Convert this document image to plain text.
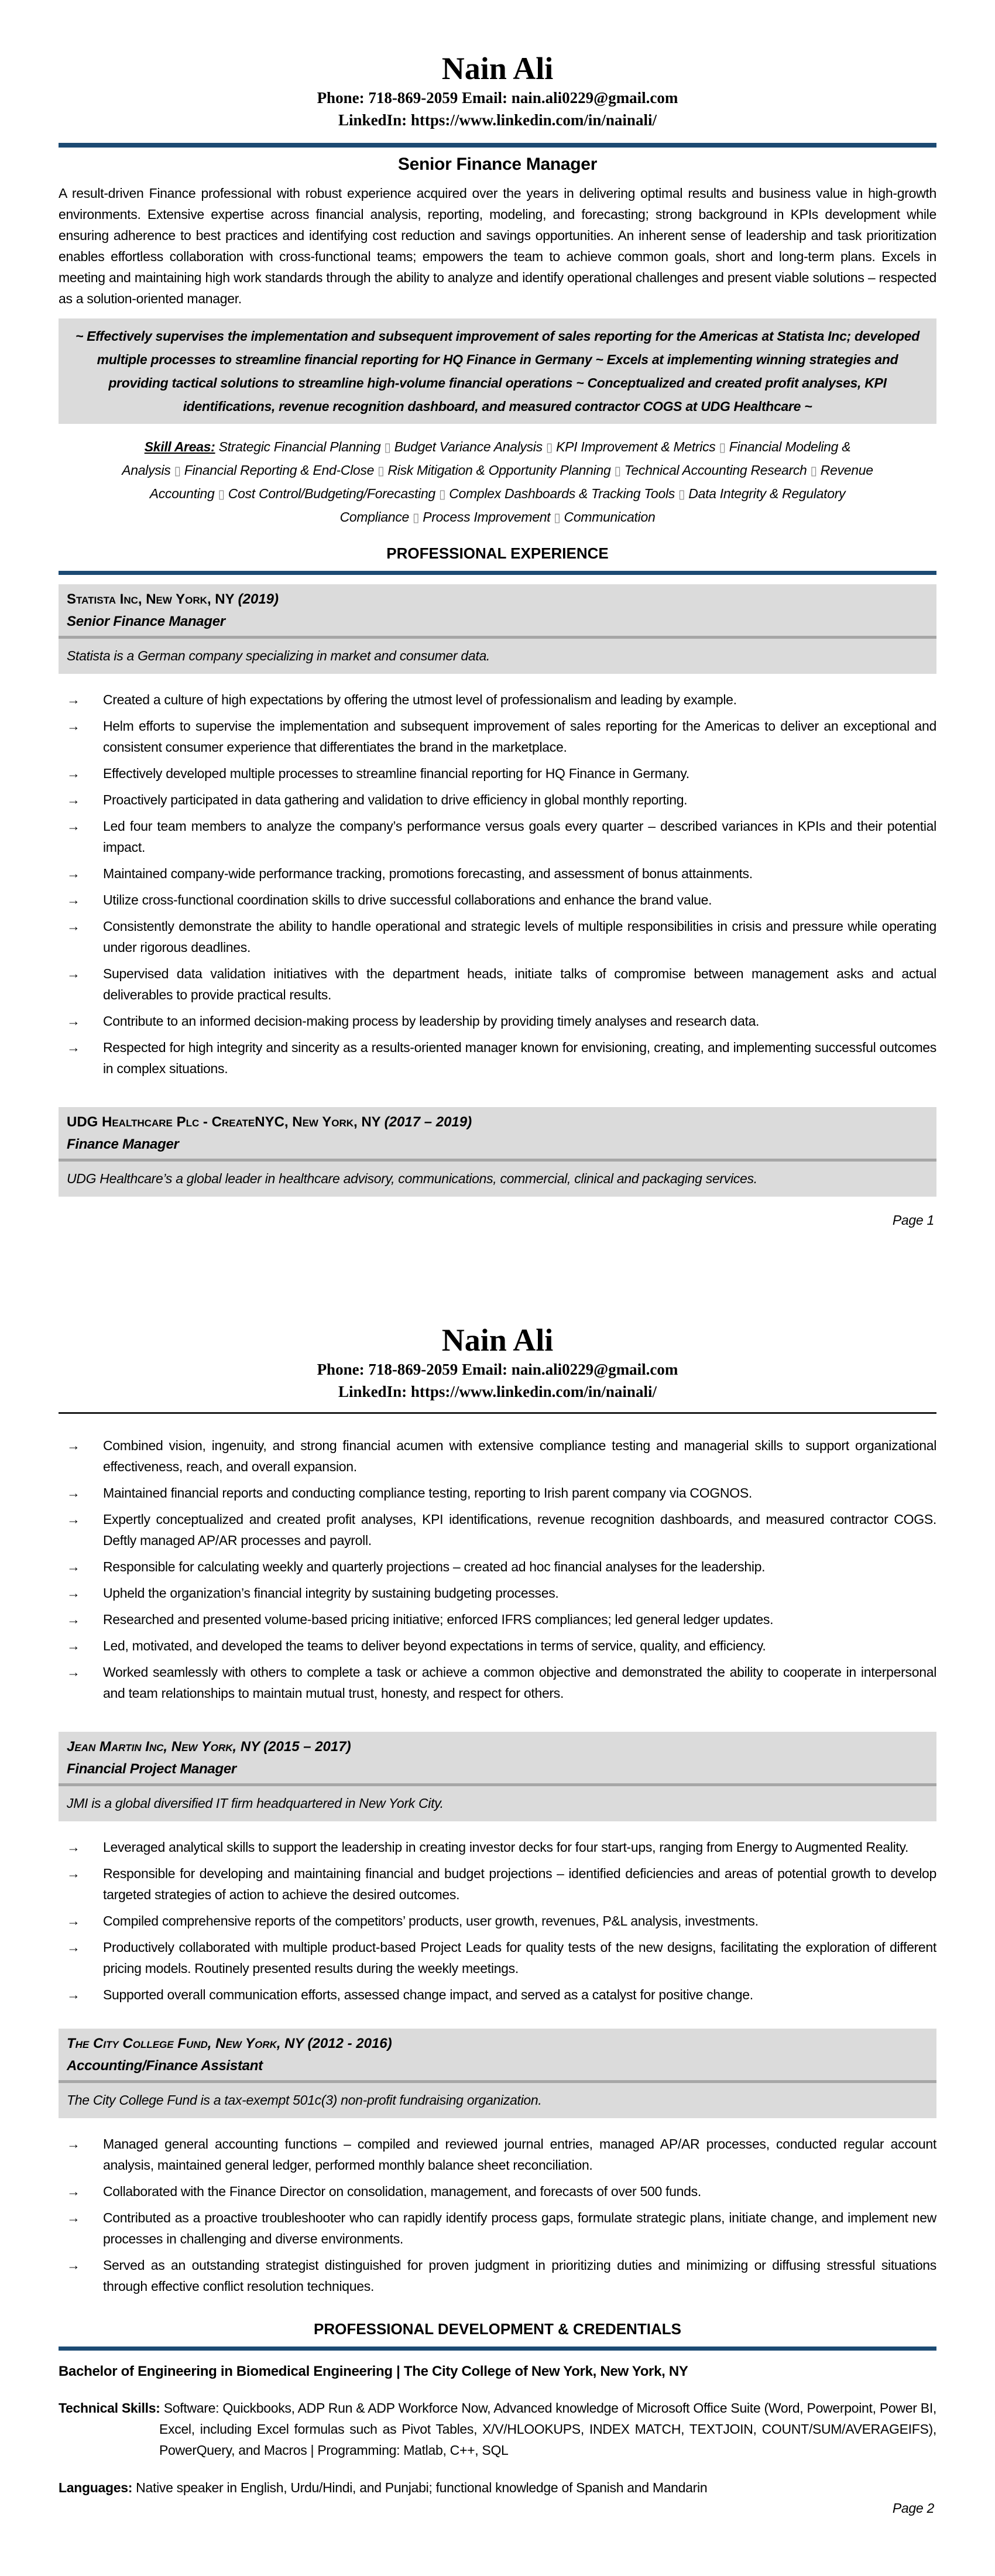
Nain Ali
Phone: 718-869-2059 Email: nain.ali0229@gmail.com
LinkedIn: https://www.linkedin.com/in/nainali/
Senior Finance Manager
A result-driven Finance professional with robust experience acquired over the years in delivering optimal results and business value in high-growth environments. Extensive expertise across financial analysis, reporting, modeling, and forecasting; strong background in KPIs development while ensuring adherence to best practices and identifying cost reduction and savings opportunities. An inherent sense of leadership and task prioritization enables effortless collaboration with cross-functional teams; empowers the team to achieve common goals, short and long-term plans. Excels in meeting and maintaining high work standards through the ability to analyze and identify operational challenges and present viable solutions – respected as a solution-oriented manager.
~ Effectively supervises the implementation and subsequent improvement of sales reporting for the Americas at Statista Inc; developed multiple processes to streamline financial reporting for HQ Finance in Germany ~ Excels at implementing winning strategies and providing tactical solutions to streamline high-volume financial operations ~ Conceptualized and created profit analyses, KPI identifications, revenue recognition dashboard, and measured contractor COGS at UDG Healthcare ~
Skill Areas: Strategic Financial Planning ▯ Budget Variance Analysis ▯ KPI Improvement & Metrics ▯ Financial Modeling & Analysis ▯ Financial Reporting & End-Close ▯ Risk Mitigation & Opportunity Planning ▯ Technical Accounting Research ▯ Revenue Accounting ▯ Cost Control/Budgeting/Forecasting ▯ Complex Dashboards & Tracking Tools ▯ Data Integrity & Regulatory Compliance ▯ Process Improvement ▯ Communication
PROFESSIONAL EXPERIENCE
Statista Inc, New York, NY (2019)
Senior Finance Manager
Statista is a German company specializing in market and consumer data.
→ Created a culture of high expectations by offering the utmost level of professionalism and leading by example.
→ Helm efforts to supervise the implementation and subsequent improvement of sales reporting for the Americas to deliver an exceptional and consistent consumer experience that differentiates the brand in the marketplace.
→ Effectively developed multiple processes to streamline financial reporting for HQ Finance in Germany.
→ Proactively participated in data gathering and validation to drive efficiency in global monthly reporting.
→ Led four team members to analyze the company’s performance versus goals every quarter – described variances in KPIs and their potential impact.
→ Maintained company-wide performance tracking, promotions forecasting, and assessment of bonus attainments.
→ Utilize cross-functional coordination skills to drive successful collaborations and enhance the brand value.
→ Consistently demonstrate the ability to handle operational and strategic levels of multiple responsibilities in crisis and pressure while operating under rigorous deadlines.
→ Supervised data validation initiatives with the department heads, initiate talks of compromise between management asks and actual deliverables to provide practical results.
→ Contribute to an informed decision-making process by leadership by providing timely analyses and research data.
→ Respected for high integrity and sincerity as a results-oriented manager known for envisioning, creating, and implementing successful outcomes in complex situations.
UDG Healthcare Plc - CreateNYC, New York, NY (2017 – 2019)
Finance Manager
UDG Healthcare’s a global leader in healthcare advisory, communications, commercial, clinical and packaging services.
Page 1
Nain Ali
Phone: 718-869-2059 Email: nain.ali0229@gmail.com
LinkedIn: https://www.linkedin.com/in/nainali/
→ Combined vision, ingenuity, and strong financial acumen with extensive compliance testing and managerial skills to support organizational effectiveness, reach, and overall expansion.
→ Maintained financial reports and conducting compliance testing, reporting to Irish parent company via COGNOS.
→ Expertly conceptualized and created profit analyses, KPI identifications, revenue recognition dashboards, and measured contractor COGS. Deftly managed AP/AR processes and payroll.
→ Responsible for calculating weekly and quarterly projections – created ad hoc financial analyses for the leadership.
→ Upheld the organization’s financial integrity by sustaining budgeting processes.
→ Researched and presented volume-based pricing initiative; enforced IFRS compliances; led general ledger updates.
→ Led, motivated, and developed the teams to deliver beyond expectations in terms of service, quality, and efficiency.
→ Worked seamlessly with others to complete a task or achieve a common objective and demonstrated the ability to cooperate in interpersonal and team relationships to maintain mutual trust, honesty, and respect for others.
Jean Martin Inc, New York, NY (2015 – 2017)
Financial Project Manager
JMI is a global diversified IT firm headquartered in New York City.
→ Leveraged analytical skills to support the leadership in creating investor decks for four start-ups, ranging from Energy to Augmented Reality.
→ Responsible for developing and maintaining financial and budget projections – identified deficiencies and areas of potential growth to develop targeted strategies of action to achieve the desired outcomes.
→ Compiled comprehensive reports of the competitors’ products, user growth, revenues, P&L analysis, investments.
→ Productively collaborated with multiple product-based Project Leads for quality tests of the new designs, facilitating the exploration of different pricing models. Routinely presented results during the weekly meetings.
→ Supported overall communication efforts, assessed change impact, and served as a catalyst for positive change.
The City College Fund, New York, NY (2012 - 2016)
Accounting/Finance Assistant
The City College Fund is a tax-exempt 501c(3) non-profit fundraising organization.
→ Managed general accounting functions – compiled and reviewed journal entries, managed AP/AR processes, conducted regular account analysis, maintained general ledger, performed monthly balance sheet reconciliation.
→ Collaborated with the Finance Director on consolidation, management, and forecasts of over 500 funds.
→ Contributed as a proactive troubleshooter who can rapidly identify process gaps, formulate strategic plans, initiate change, and implement new processes in challenging and diverse environments.
→ Served as an outstanding strategist distinguished for proven judgment in prioritizing duties and minimizing or diffusing stressful situations through effective conflict resolution techniques.
PROFESSIONAL DEVELOPMENT & CREDENTIALS
Bachelor of Engineering in Biomedical Engineering | The City College of New York, New York, NY
Technical Skills: Software: Quickbooks, ADP Run & ADP Workforce Now, Advanced knowledge of Microsoft Office Suite (Word, Powerpoint, Power BI, Excel, including Excel formulas such as Pivot Tables, X/V/HLOOKUPS, INDEX MATCH, TEXTJOIN, COUNT/SUM/AVERAGEIFS), PowerQuery, and Macros | Programming: Matlab, C++, SQL
Languages: Native speaker in English, Urdu/Hindi, and Punjabi; functional knowledge of Spanish and Mandarin
Page 2
